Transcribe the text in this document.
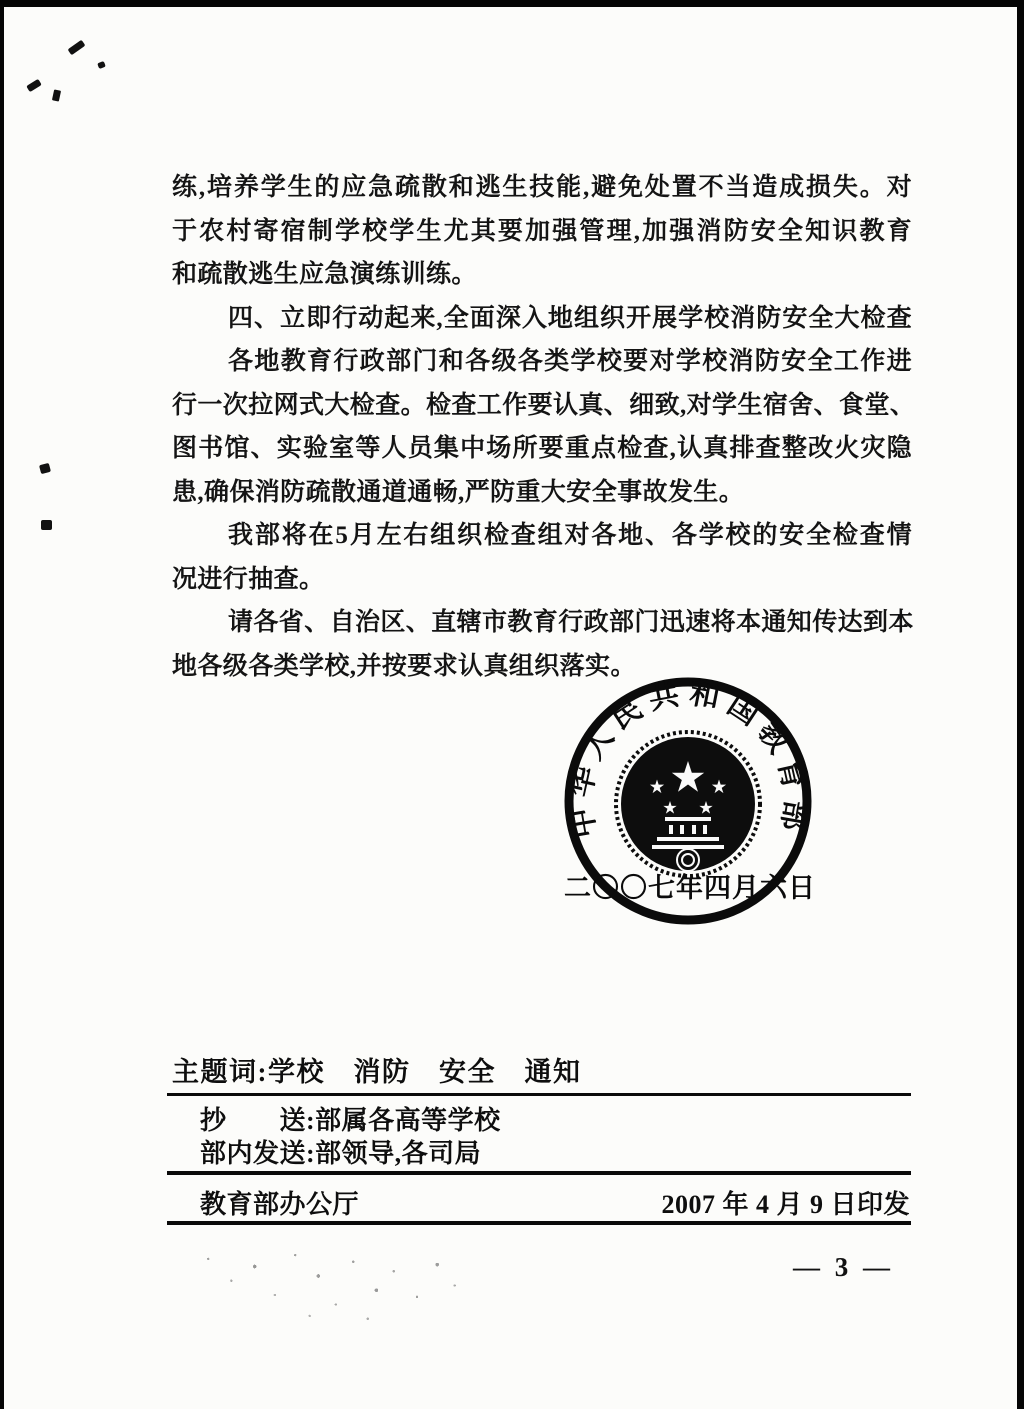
练,培养学生的应急疏散和逃生技能,避免处置不当造成损失。对
于农村寄宿制学校学生尤其要加强管理,加强消防安全知识教育
和疏散逃生应急演练训练。
四、立即行动起来,全面深入地组织开展学校消防安全大检查
各地教育行政部门和各级各类学校要对学校消防安全工作进
行一次拉网式大检查。检查工作要认真、细致,对学生宿舍、食堂、
图书馆、实验室等人员集中场所要重点检查,认真排查整改火灾隐
患,确保消防疏散通道通畅,严防重大安全事故发生。
我部将在5月左右组织检查组对各地、各学校的安全检查情
况进行抽查。
请各省、自治区、直辖市教育行政部门迅速将本通知传达到本
地各级各类学校,并按要求认真组织落实。
中华人民共和国教育部
二〇〇七年四月六日
主题词:学校　消防　安全　通知
抄　　送:部属各高等学校
部内发送:部领导,各司局
教育部办公厅	2007 年 4 月 9 日印发
— 3 —
